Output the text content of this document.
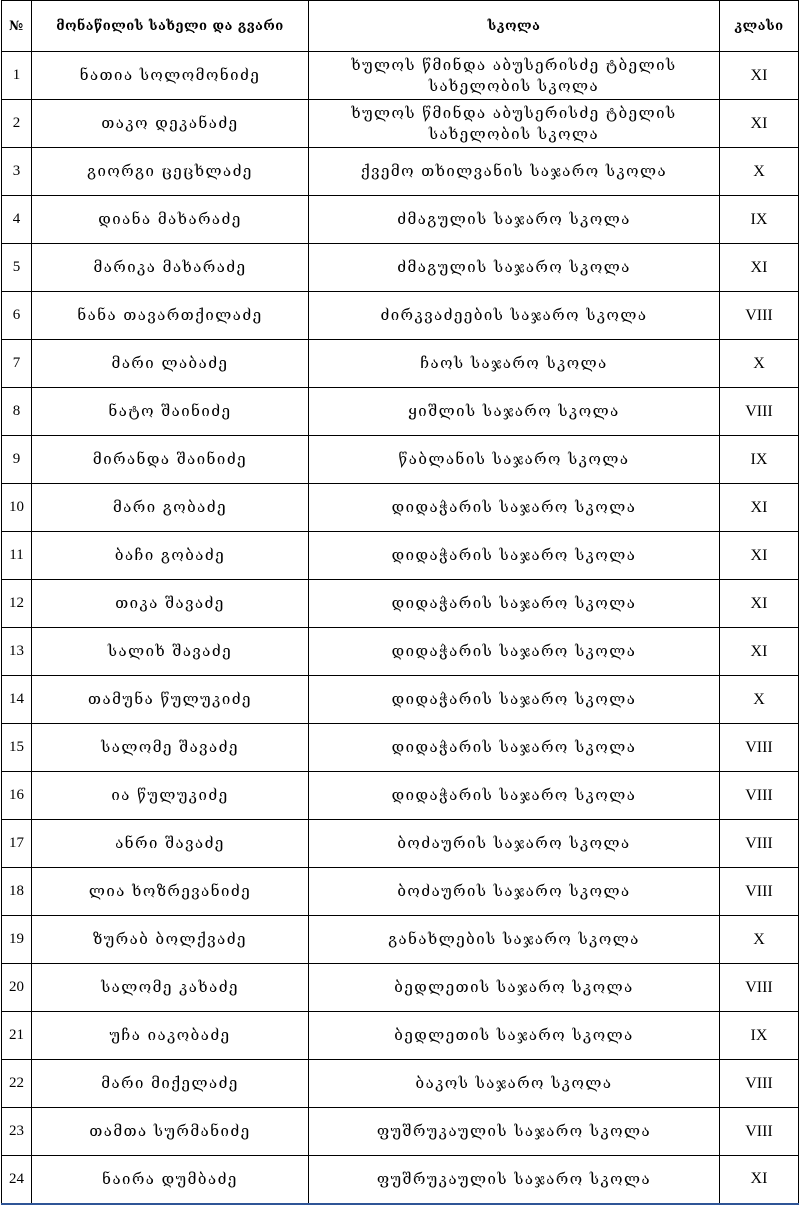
№	მონაწილის სახელი და გვარი	სკოლა	კლასი
1	ნათია სოლომონიძე	ხულოს წმინდა აბუსერისძე ტბელის სახელობის სკოლა	XI
2	თაკო დეკანაძე	ხულოს წმინდა აბუსერისძე ტბელის სახელობის სკოლა	XI
3	გიორგი ცეცხლაძე	ქვემო თხილვანის საჯარო სკოლა	X
4	დიანა მახარაძე	ძმაგულის საჯარო სკოლა	IX
5	მარიკა მახარაძე	ძმაგულის საჯარო სკოლა	XI
6	ნანა თავართქილაძე	ძირკვაძეების საჯარო სკოლა	VIII
7	მარი ლაბაძე	ჩაოს საჯარო სკოლა	X
8	ნატო შაინიძე	ყიშლის საჯარო სკოლა	VIII
9	მირანდა შაინიძე	წაბლანის საჯარო სკოლა	IX
10	მარი გობაძე	დიდაჭარის საჯარო სკოლა	XI
11	ბაჩი გობაძე	დიდაჭარის საჯარო სკოლა	XI
12	თიკა შავაძე	დიდაჭარის საჯარო სკოლა	XI
13	სალიხ შავაძე	დიდაჭარის საჯარო სკოლა	XI
14	თამუნა წულუკიძე	დიდაჭარის საჯარო სკოლა	X
15	სალომე შავაძე	დიდაჭარის საჯარო სკოლა	VIII
16	ია წულუკიძე	დიდაჭარის საჯარო სკოლა	VIII
17	ანრი შავაძე	ბოძაურის საჯარო სკოლა	VIII
18	ლია ხოზრევანიძე	ბოძაურის საჯარო სკოლა	VIII
19	ზურაბ ბოლქვაძე	განახლების საჯარო სკოლა	X
20	სალომე კახაძე	ბედლეთის საჯარო სკოლა	VIII
21	უჩა იაკობაძე	ბედლეთის საჯარო სკოლა	IX
22	მარი მიქელაძე	ბაკოს საჯარო სკოლა	VIII
23	თამთა სურმანიძე	ფუშრუკაულის საჯარო სკოლა	VIII
24	ნაირა დუმბაძე	ფუშრუკაულის საჯარო სკოლა	XI
